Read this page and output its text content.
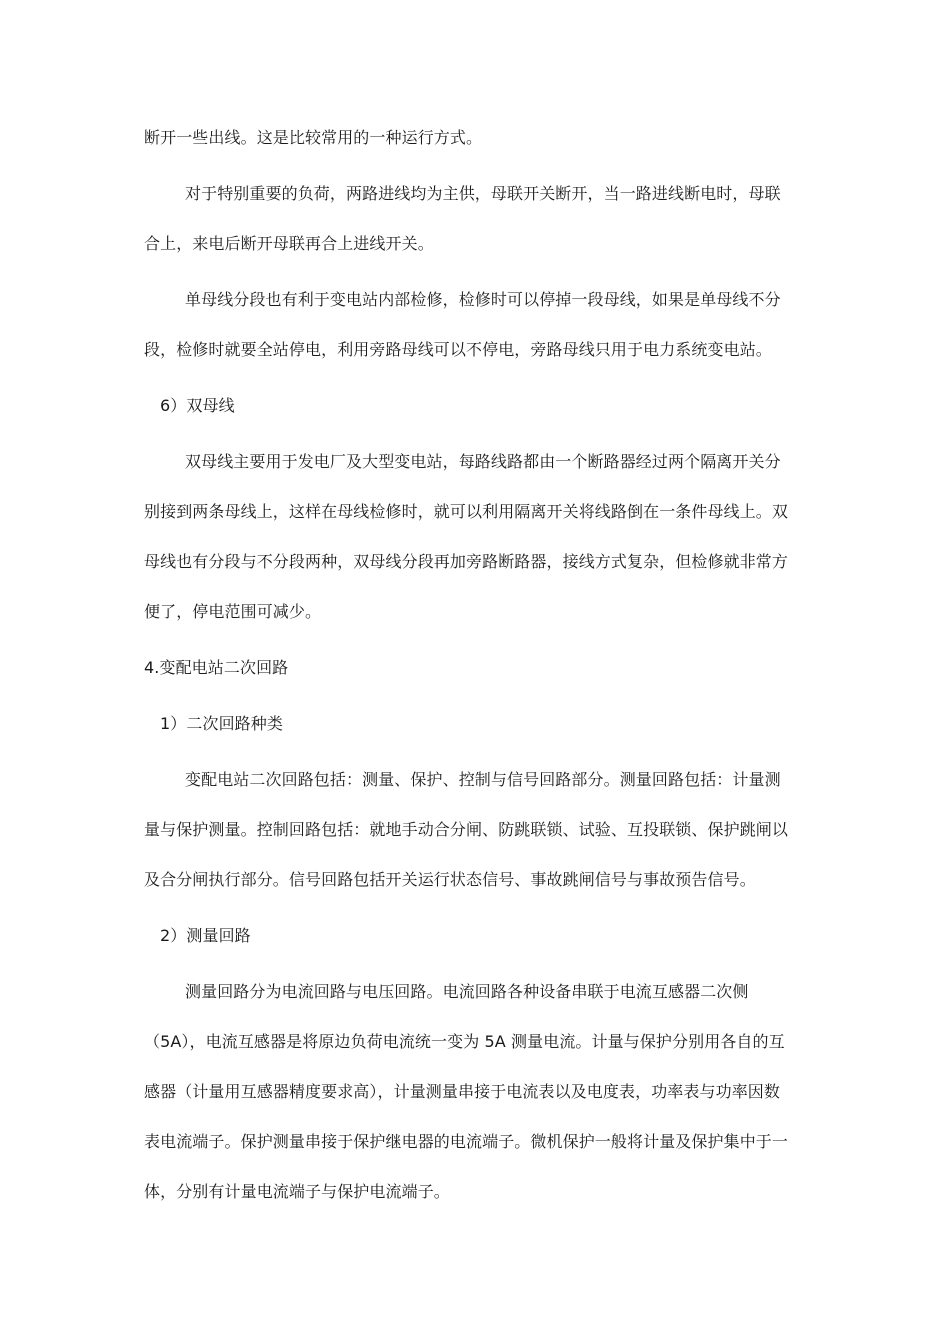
断开一些出线。这是比较常用的一种运行方式。
对于特别重要的负荷，两路进线均为主供，母联开关断开，当一路进线断电时，母联
合上，来电后断开母联再合上进线开关。
单母线分段也有利于变电站内部检修，检修时可以停掉一段母线，如果是单母线不分
段，检修时就要全站停电，利用旁路母线可以不停电，旁路母线只用于电力系统变电站。
6）双母线
双母线主要用于发电厂及大型变电站，每路线路都由一个断路器经过两个隔离开关分
别接到两条母线上，这样在母线检修时，就可以利用隔离开关将线路倒在一条件母线上。双
母线也有分段与不分段两种，双母线分段再加旁路断路器，接线方式复杂，但检修就非常方
便了，停电范围可减少。
4.变配电站二次回路
1）二次回路种类
变配电站二次回路包括：测量、保护、控制与信号回路部分。测量回路包括：计量测
量与保护测量。控制回路包括：就地手动合分闸、防跳联锁、试验、互投联锁、保护跳闸以
及合分闸执行部分。信号回路包括开关运行状态信号、事故跳闸信号与事故预告信号。
2）测量回路
测量回路分为电流回路与电压回路。电流回路各种设备串联于电流互感器二次侧
（5A），电流互感器是将原边负荷电流统一变为 5A 测量电流。计量与保护分别用各自的互
感器（计量用互感器精度要求高），计量测量串接于电流表以及电度表，功率表与功率因数
表电流端子。保护测量串接于保护继电器的电流端子。微机保护一般将计量及保护集中于一
体，分别有计量电流端子与保护电流端子。
